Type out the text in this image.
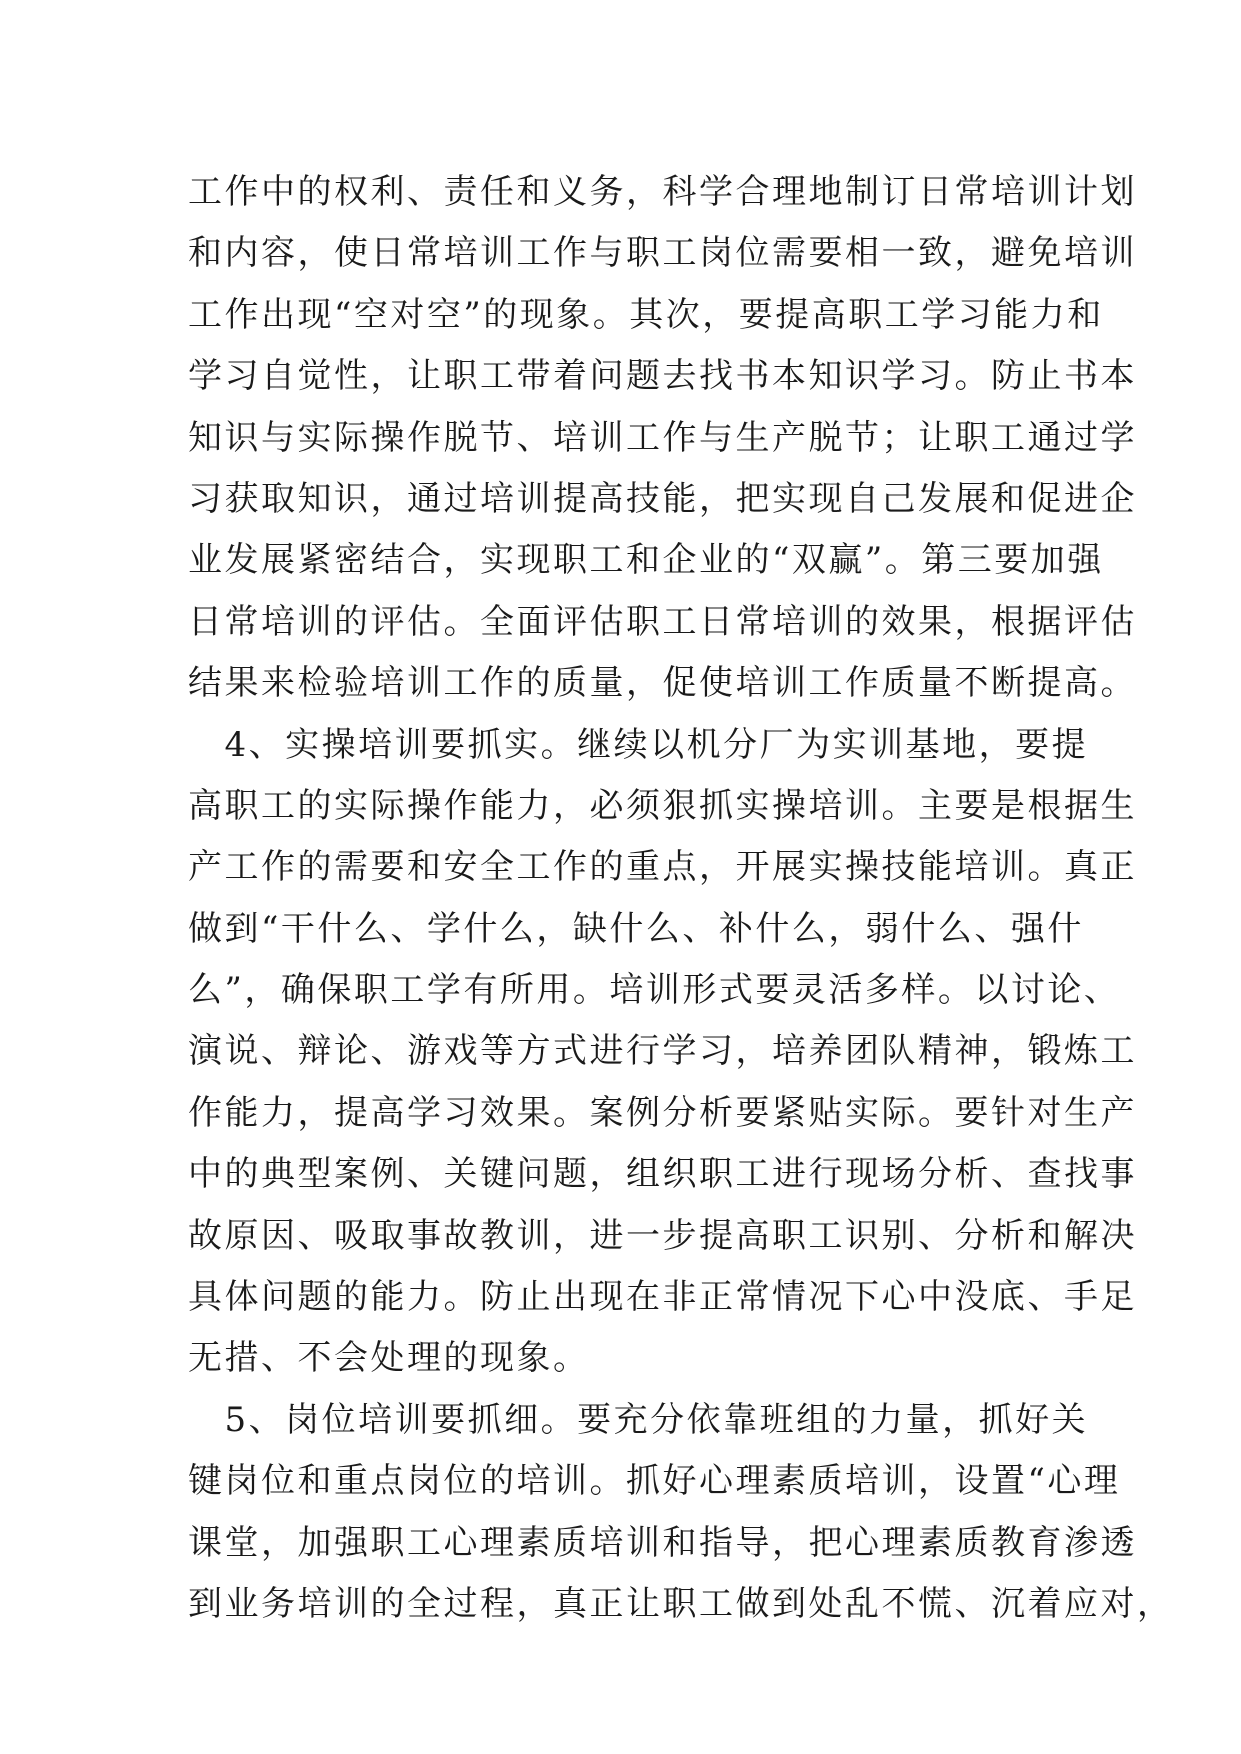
工作中的权利、责任和义务，科学合理地制订日常培训计划
和内容，使日常培训工作与职工岗位需要相一致，避免培训
工作出现“空对空”的现象。其次，要提高职工学习能力和
学习自觉性，让职工带着问题去找书本知识学习。防止书本
知识与实际操作脱节、培训工作与生产脱节；让职工通过学
习获取知识，通过培训提高技能，把实现自己发展和促进企
业发展紧密结合，实现职工和企业的“双赢”。第三要加强
日常培训的评估。全面评估职工日常培训的效果，根据评估
结果来检验培训工作的质量，促使培训工作质量不断提高。
　4、实操培训要抓实。继续以机分厂为实训基地，要提
高职工的实际操作能力，必须狠抓实操培训。主要是根据生
产工作的需要和安全工作的重点，开展实操技能培训。真正
做到“干什么、学什么，缺什么、补什么，弱什么、强什
么”，确保职工学有所用。培训形式要灵活多样。以讨论、
演说、辩论、游戏等方式进行学习，培养团队精神，锻炼工
作能力，提高学习效果。案例分析要紧贴实际。要针对生产
中的典型案例、关键问题，组织职工进行现场分析、查找事
故原因、吸取事故教训，进一步提高职工识别、分析和解决
具体问题的能力。防止出现在非正常情况下心中没底、手足
无措、不会处理的现象。
　5、岗位培训要抓细。要充分依靠班组的力量，抓好关
键岗位和重点岗位的培训。抓好心理素质培训，设置“心理
课堂，加强职工心理素质培训和指导，把心理素质教育渗透
到业务培训的全过程，真正让职工做到处乱不慌、沉着应对，
